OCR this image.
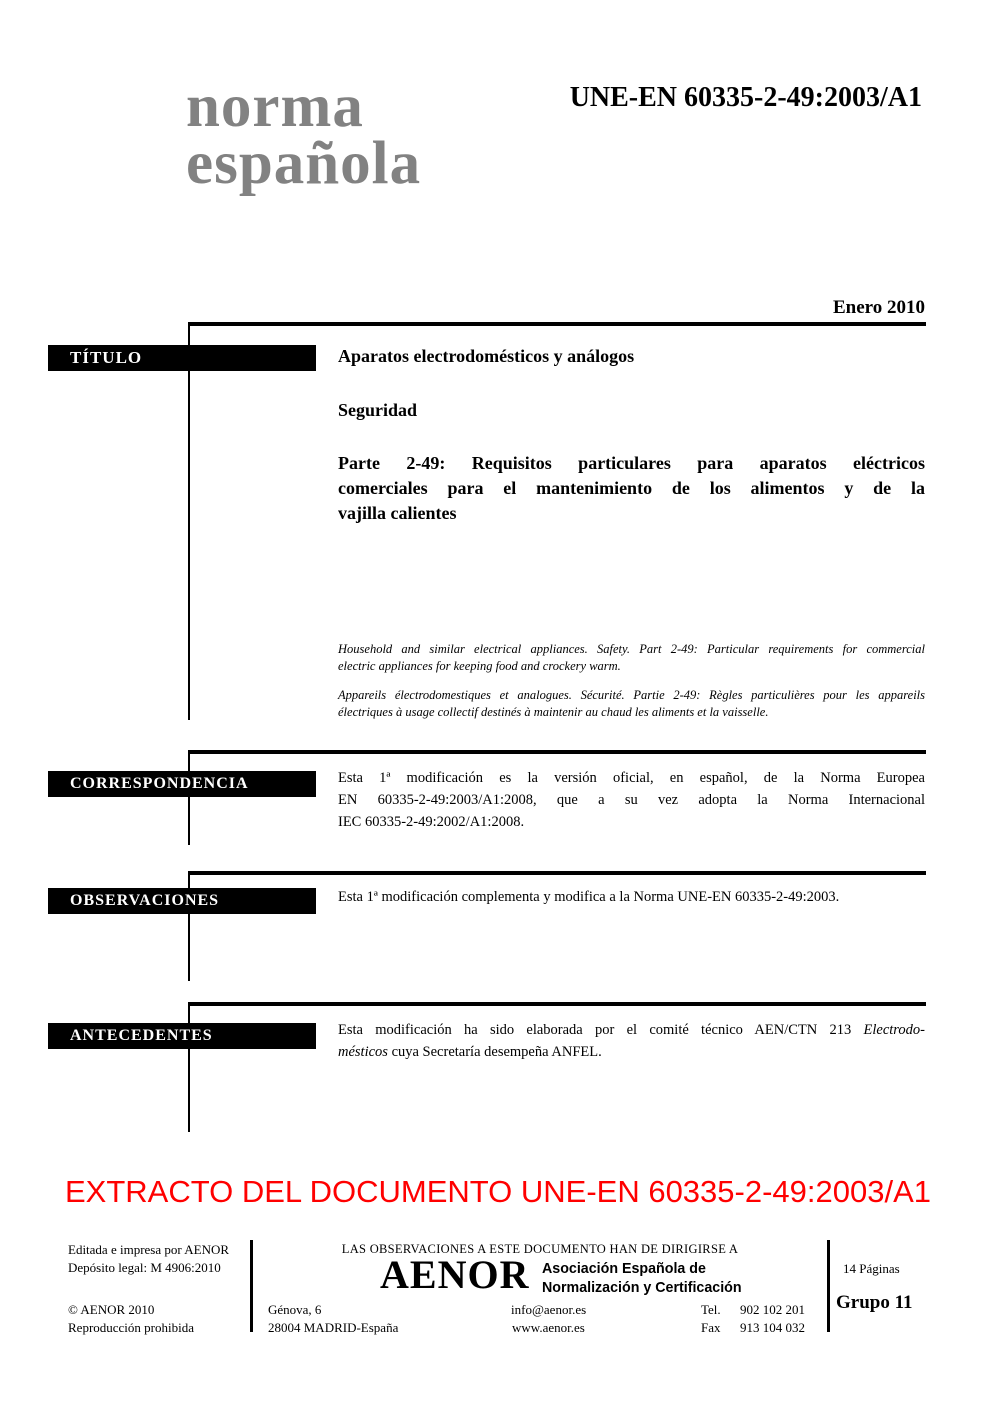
norma
española
UNE-EN 60335-2-49:2003/A1
Enero 2010
TÍTULO	Aparatos electrodomésticos y análogos
Seguridad
Parte 2-49: Requisitos particulares para aparatos eléctricos
comerciales para el mantenimiento de los alimentos y de la
vajilla calientes
Household and similar electrical appliances. Safety. Part 2-49: Particular requirements for commercial
electric appliances for keeping food and crockery warm.
Appareils électrodomestiques et analogues. Sécurité. Partie 2-49: Règles particulières pour les appareils
électriques à usage collectif destinés à maintenir au chaud les aliments et la vaisselle.
CORRESPONDENCIA	Esta 1ª modificación es la versión oficial, en español, de la Norma Europea
EN 60335-2-49:2003/A1:2008, que a su vez adopta la Norma Internacional
IEC 60335-2-49:2002/A1:2008.
OBSERVACIONES	Esta 1ª modificación complementa y modifica a la Norma UNE-EN 60335-2-49:2003.
ANTECEDENTES	Esta modificación ha sido elaborada por el comité técnico AEN/CTN 213 Electrodo-
mésticos cuya Secretaría desempeña ANFEL.
EXTRACTO DEL DOCUMENTO UNE-EN 60335-2-49:2003/A1
Editada e impresa por AENOR
Depósito legal: M 4906:2010
© AENOR 2010
Reproducción prohibida
LAS OBSERVACIONES A ESTE DOCUMENTO HAN DE DIRIGIRSE A
AENOR Asociación Española de
Normalización y Certificación
Génova, 6
28004 MADRID-España
info@aenor.es
www.aenor.es
Tel. 902 102 201
Fax 913 104 032
14 Páginas
Grupo 11
